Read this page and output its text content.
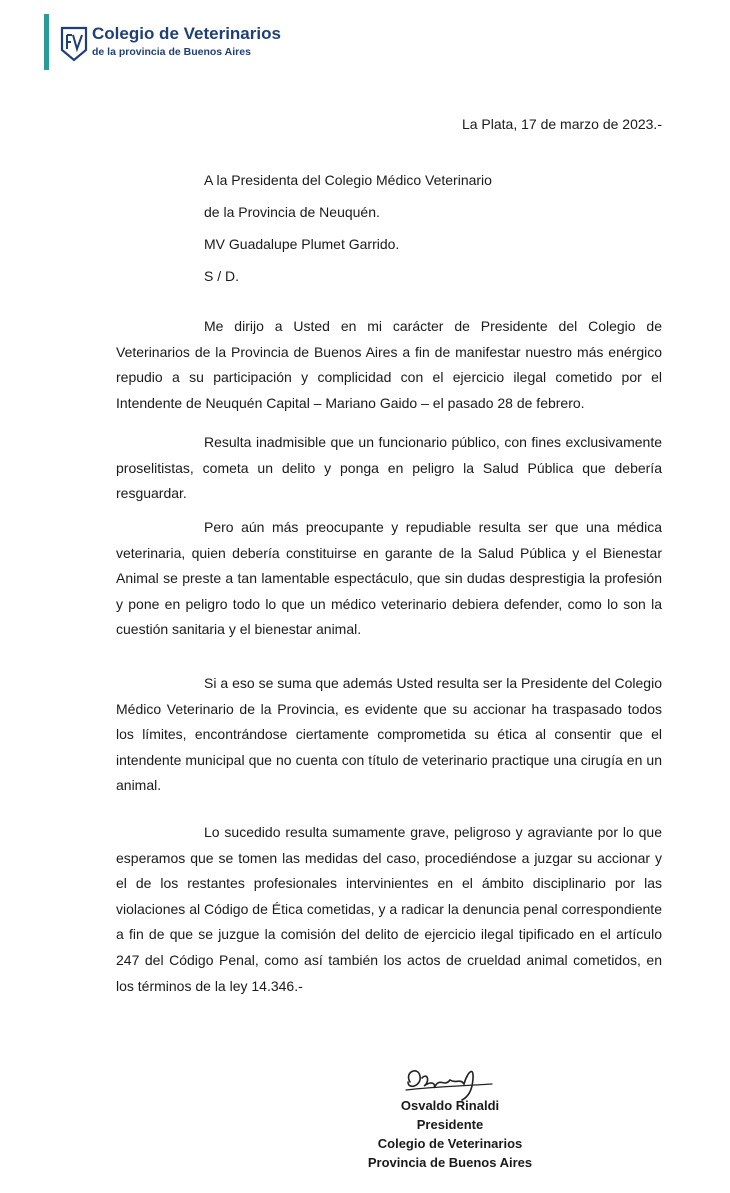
Colegio de Veterinarios
de la provincia de Buenos Aires
La Plata, 17 de marzo de 2023.-
A la Presidenta del Colegio Médico Veterinario
de la Provincia de Neuquén.
MV Guadalupe Plumet Garrido.
S / D.

Me dirijo a Usted en mi carácter de Presidente del Colegio de Veterinarios de la Provincia de Buenos Aires a fin de manifestar nuestro más enérgico repudio a su participación y complicidad con el ejercicio ilegal cometido por el Intendente de Neuquén Capital – Mariano Gaido – el pasado 28 de febrero.

Resulta inadmisible que un funcionario público, con fines exclusivamente proselitistas, cometa un delito y ponga en peligro la Salud Pública que debería resguardar.

Pero aún más preocupante y repudiable resulta ser que una médica veterinaria, quien debería constituirse en garante de la Salud Pública y el Bienestar Animal se preste a tan lamentable espectáculo, que sin dudas desprestigia la profesión y pone en peligro todo lo que un médico veterinario debiera defender, como lo son la cuestión sanitaria y el bienestar animal.

Si a eso se suma que además Usted resulta ser la Presidente del Colegio Médico Veterinario de la Provincia, es evidente que su accionar ha traspasado todos los límites, encontrándose ciertamente comprometida su ética al consentir que el intendente municipal que no cuenta con título de veterinario practique una cirugía en un animal.

Lo sucedido resulta sumamente grave, peligroso y agraviante por lo que esperamos que se tomen las medidas del caso, procediéndose a juzgar su accionar y el de los restantes profesionales intervinientes en el ámbito disciplinario por las violaciones al Código de Ética cometidas, y a radicar la denuncia penal correspondiente a fin de que se juzgue la comisión del delito de ejercicio ilegal tipificado en el artículo 247 del Código Penal, como así también los actos de crueldad animal cometidos, en los términos de la ley 14.346.-

Osvaldo Rinaldi
Presidente
Colegio de Veterinarios
Provincia de Buenos Aires
